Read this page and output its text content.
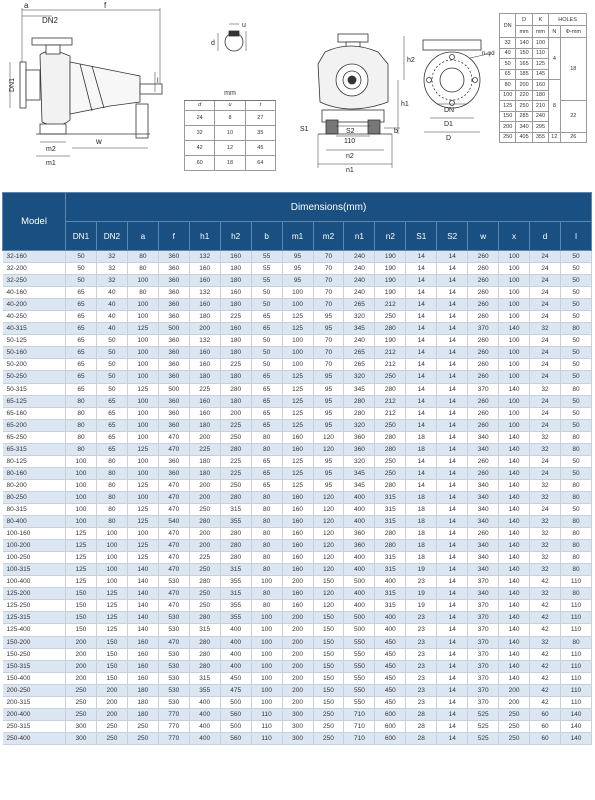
a
DN2
f
DN1	l
w
m2
m1
d
u
h2
h1
S1	S2
110
b
n2
n1
n-φd
DN
D1
D
mm		
d	u	t
24	8	27
32	10	35
42	12	45
60	18	64
DN	D	K	HOLES	
	mm	mm	N	Φ-mm
32	140	100	4	18
40	150	110		
50	165	125		
65	185	145		
80	200	160	8	
100	220	180		
125	250	210		22
150	285	240		
200	340	295		
250	405	355	12	26
Model	Dimensions(mm)																
	DN1	DN2	a	f	h1	h2	b	m1	m2	n1	n2	S1	S2	w	x	d	l
32-160	50	32	80	360	132	160	55	95	70	240	190	14	14	260	100	24	50
32-200	50	32	80	360	160	180	55	95	70	240	190	14	14	260	100	24	50
32-250	50	32	100	360	160	180	55	95	70	240	190	14	14	260	100	24	50
40-160	65	40	80	360	132	160	50	100	70	240	190	14	14	260	100	24	50
40-200	65	40	100	360	160	180	50	100	70	265	212	14	14	260	100	24	50
40-250	65	40	100	360	180	225	65	125	95	320	250	14	14	260	100	24	50
40-315	65	40	125	500	200	160	65	125	95	345	280	14	14	370	140	32	80
50-125	65	50	100	360	132	180	50	100	70	240	190	14	14	260	100	24	50
50-160	65	50	100	360	160	180	50	100	70	265	212	14	14	260	100	24	50
50-200	65	50	100	360	160	225	50	100	70	265	212	14	14	260	100	24	50
50-250	65	50	100	360	180	180	65	125	95	320	250	14	14	260	100	24	50
50-315	65	50	125	500	225	280	65	125	95	345	280	14	14	370	140	32	80
65-125	80	65	100	360	160	180	65	125	95	280	212	14	14	260	100	24	50
65-160	80	65	100	360	160	200	65	125	95	280	212	14	14	260	100	24	50
65-200	80	65	100	360	180	225	65	125	95	320	250	14	14	260	100	24	50
65-250	80	65	100	470	200	250	80	160	120	360	280	18	14	340	140	32	80
65-315	80	65	125	470	225	280	80	160	120	360	280	18	14	340	140	32	80
80-125	100	80	100	360	180	225	65	125	95	320	250	14	14	260	140	24	50
80-160	100	80	100	360	180	225	65	125	95	345	250	14	14	260	140	24	50
80-200	100	80	125	470	200	250	65	125	95	345	280	14	14	340	140	32	80
80-250	100	80	100	470	200	280	80	160	120	400	315	18	14	340	140	32	80
80-315	100	80	125	470	250	315	80	160	120	400	315	18	14	340	140	24	50
80-400	100	80	125	540	280	355	80	160	120	400	315	18	14	340	140	32	80
100-160	125	100	100	470	200	280	80	160	120	360	280	18	14	260	140	32	80
100-200	125	100	125	470	200	280	80	160	120	360	280	18	14	340	140	32	80
100-250	125	100	125	470	225	280	80	160	120	400	315	18	14	340	140	32	80
100-315	125	100	140	470	250	315	80	160	120	400	315	19	14	340	140	32	80
100-400	125	100	140	530	280	355	100	200	150	500	400	23	14	370	140	42	110
125-200	150	125	140	470	250	315	80	160	120	400	315	19	14	340	140	32	80
125-250	150	125	140	470	250	355	80	160	120	400	315	19	14	370	140	42	110
125-315	150	125	140	530	280	355	100	200	150	500	400	23	14	370	140	42	110
125-400	150	125	140	530	315	400	100	200	150	500	400	23	14	370	140	42	110
150-200	200	150	160	470	280	400	100	200	150	550	450	23	14	370	140	32	80
150-250	200	150	160	530	280	400	100	200	150	550	450	23	14	370	140	42	110
150-315	200	150	160	530	280	400	100	200	150	550	450	23	14	370	140	42	110
150-400	200	150	160	530	315	450	100	200	150	550	450	23	14	370	140	42	110
200-250	250	200	180	530	355	475	100	200	150	550	450	23	14	370	200	42	110
200-315	250	200	180	530	400	500	100	200	150	550	450	23	14	370	200	42	110
200-400	250	200	180	770	400	560	110	300	250	710	600	28	14	525	250	60	140
250-315	300	250	250	770	400	500	110	300	250	710	600	28	14	525	250	60	140
250-400	300	250	250	770	400	560	110	300	250	710	600	28	14	525	250	60	140
